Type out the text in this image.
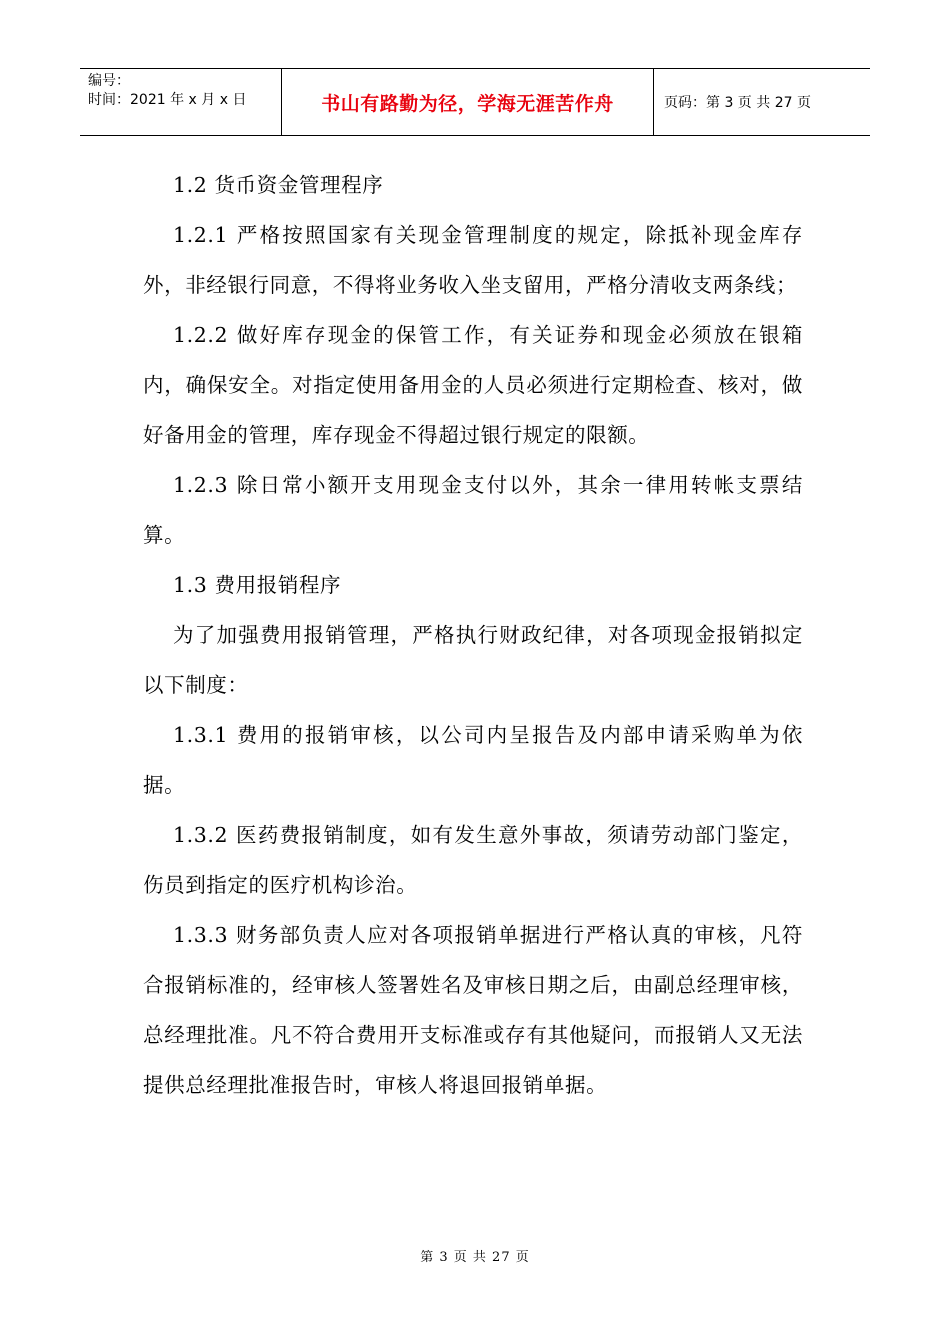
编号：
时间：2021 年 x 月 x 日	书山有路勤为径，学海无涯苦作舟	页码：第 3 页 共 27 页

1.2 货币资金管理程序

1.2.1 严格按照国家有关现金管理制度的规定，除抵补现金库存外，非经银行同意，不得将业务收入坐支留用，严格分清收支两条线；

1.2.2 做好库存现金的保管工作，有关证券和现金必须放在银箱内，确保安全。对指定使用备用金的人员必须进行定期检查、核对，做好备用金的管理，库存现金不得超过银行规定的限额。

1.2.3 除日常小额开支用现金支付以外，其余一律用转帐支票结算。

1.3 费用报销程序

为了加强费用报销管理，严格执行财政纪律，对各项现金报销拟定以下制度：

1.3.1 费用的报销审核，以公司内呈报告及内部申请采购单为依据。

1.3.2 医药费报销制度，如有发生意外事故，须请劳动部门鉴定，伤员到指定的医疗机构诊治。

1.3.3 财务部负责人应对各项报销单据进行严格认真的审核，凡符合报销标准的，经审核人签署姓名及审核日期之后，由副总经理审核，总经理批准。凡不符合费用开支标准或存有其他疑问，而报销人又无法提供总经理批准报告时，审核人将退回报销单据。

第 3 页 共 27 页
